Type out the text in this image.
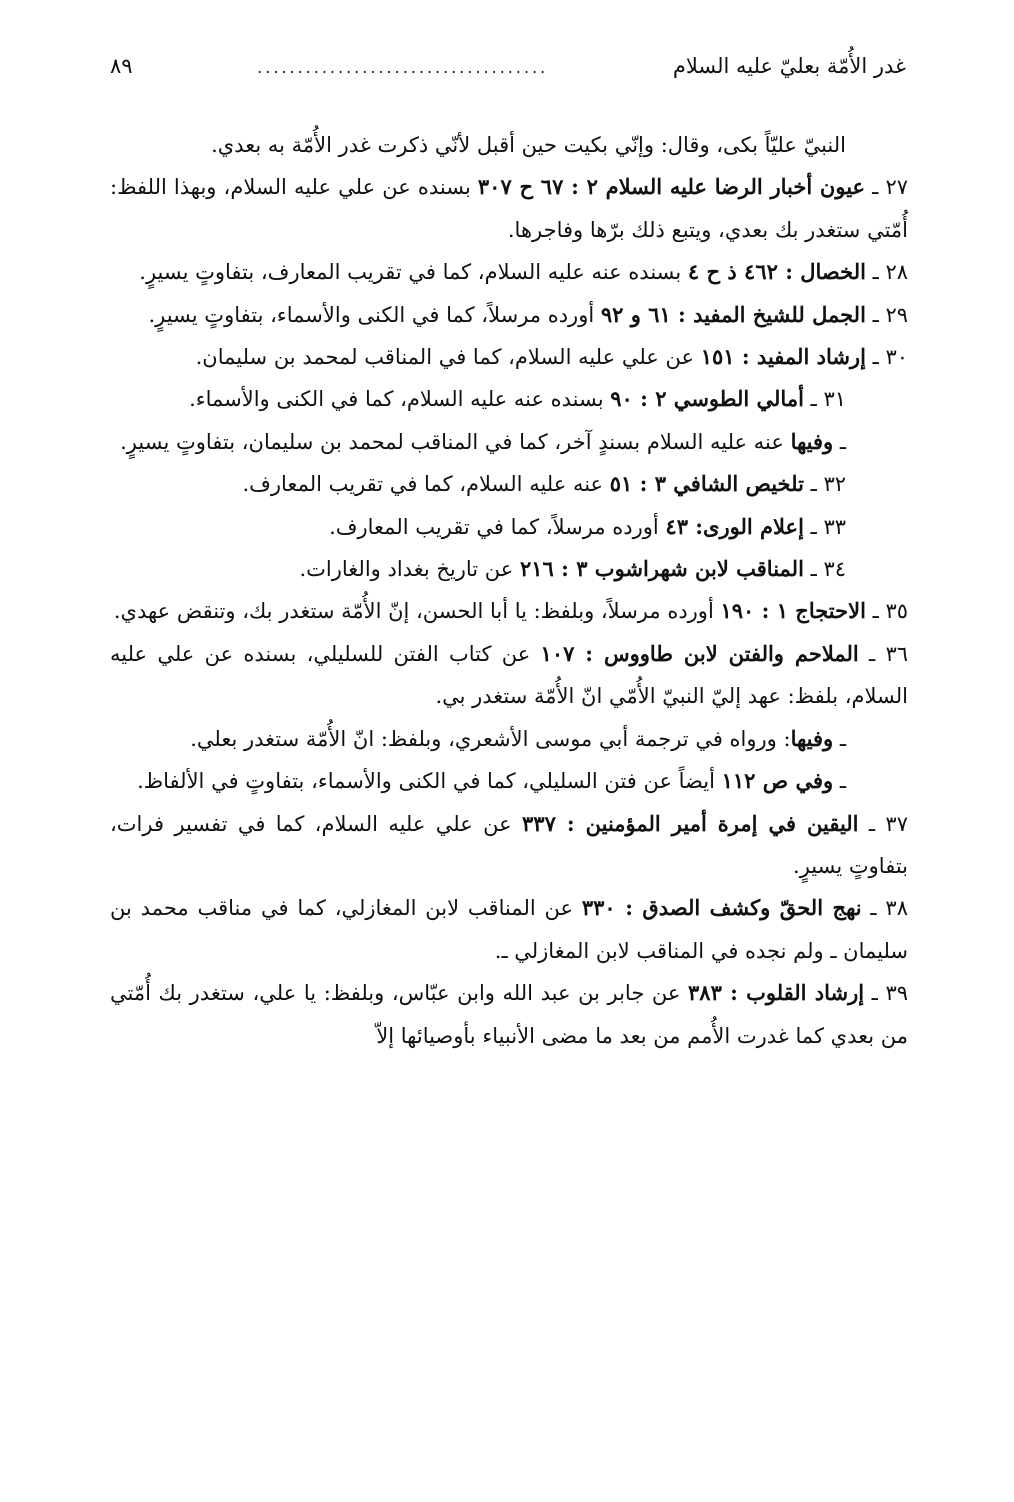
غدر الأُمّة بعليّ عليه السلام
....................................
٨٩

النبيّ عليّاً بكى، وقال: وإنّي بكيت حين أقبل لأنّي ذكرت غدر الأُمّة به بعدي.

٢٧ ـ عيون أخبار الرضا عليه السلام ٢ : ٦٧ ح ٣٠٧ بسنده عن علي عليه السلام، وبهذا اللفظ: أُمّتي ستغدر بك بعدي، ويتبع ذلك برّها وفاجرها.

٢٨ ـ الخصال : ٤٦٢ ذ ح ٤ بسنده عنه عليه السلام، كما في تقريب المعارف، بتفاوتٍ يسيرٍ.

٢٩ ـ الجمل للشيخ المفيد : ٦١ و ٩٢ أورده مرسلاً، كما في الكنى والأسماء، بتفاوتٍ يسيرٍ.

٣٠ ـ إرشاد المفيد : ١٥١ عن علي عليه السلام، كما في المناقب لمحمد بن سليمان.

٣١ ـ أمالي الطوسي ٢ : ٩٠ بسنده عنه عليه السلام، كما في الكنى والأسماء.

ـ وفيها عنه عليه السلام بسندٍ آخر، كما في المناقب لمحمد بن سليمان، بتفاوتٍ يسيرٍ.

٣٢ ـ تلخيص الشافي ٣ : ٥١ عنه عليه السلام، كما في تقريب المعارف.

٣٣ ـ إعلام الورى: ٤٣ أورده مرسلاً، كما في تقريب المعارف.

٣٤ ـ المناقب لابن شهراشوب ٣ : ٢١٦ عن تاريخ بغداد والغارات.

٣٥ ـ الاحتجاج ١ : ١٩٠ أورده مرسلاً، وبلفظ: يا أبا الحسن، إنّ الأُمّة ستغدر بك، وتنقض عهدي.

٣٦ ـ الملاحم والفتن لابن طاووس : ١٠٧ عن كتاب الفتن للسليلي، بسنده عن علي عليه السلام، بلفظ: عهد إليّ النبيّ الأُمّي انّ الأُمّة ستغدر بي.

ـ وفيها: ورواه في ترجمة أبي موسى الأشعري، وبلفظ: انّ الأُمّة ستغدر بعلي.

ـ وفي ص ١١٢ أيضاً عن فتن السليلي، كما في الكنى والأسماء، بتفاوتٍ في الألفاظ.

٣٧ ـ اليقين في إمرة أمير المؤمنين : ٣٣٧ عن علي عليه السلام، كما في تفسير فرات، بتفاوتٍ يسيرٍ.

٣٨ ـ نهج الحقّ وكشف الصدق : ٣٣٠ عن المناقب لابن المغازلي، كما في مناقب محمد بن سليمان ـ ولم نجده في المناقب لابن المغازلي ـ.

٣٩ ـ إرشاد القلوب : ٣٨٣ عن جابر بن عبد الله وابن عبّاس، وبلفظ: يا علي، ستغدر بك أُمّتي من بعدي كما غدرت الأُمم من بعد ما مضى الأنبياء بأوصيائها إلاّ
